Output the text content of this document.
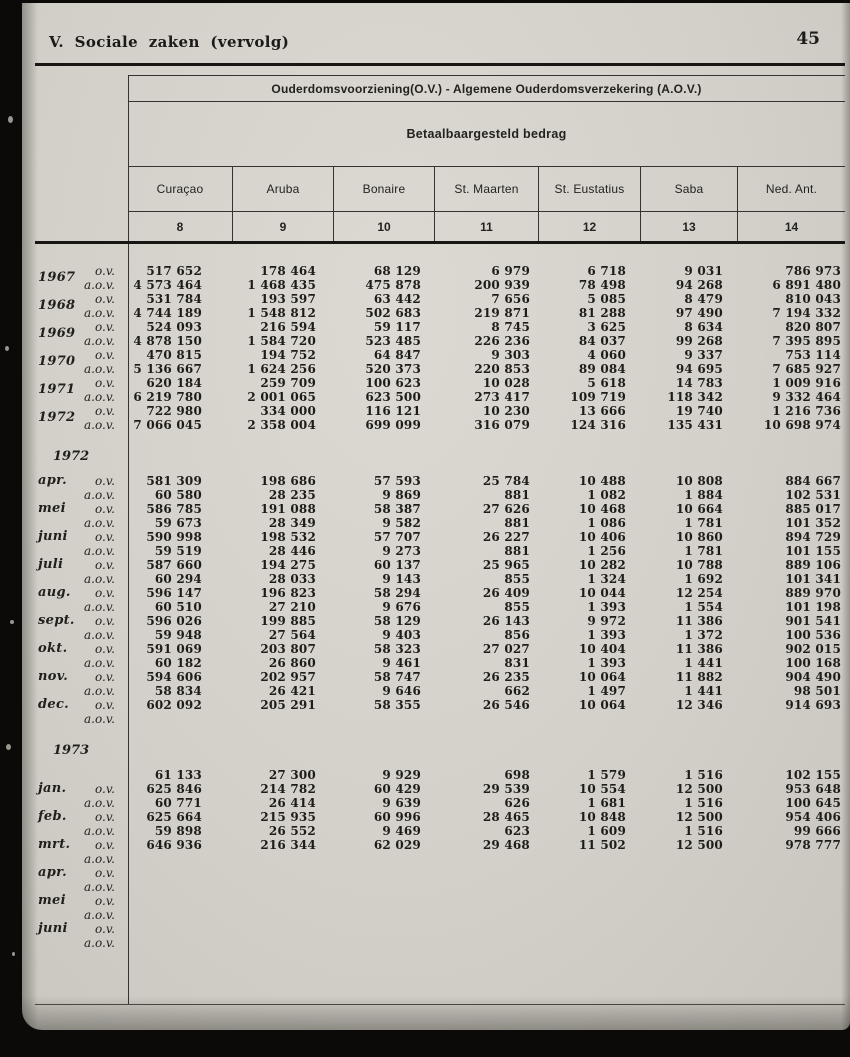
V. Sociale zaken (vervolg)	45
Ouderdomsvoorziening(O.V.) - Algemene Ouderdomsverzekering (A.O.V.)
Betaalbaargesteld bedrag
Curaçao	Aruba	Bonaire	St. Maarten	St. Eustatius	Saba	Ned. Ant.
8	9	10	11	12	13	14
1967	o.v.	517 652	178 464	68 129	6 979	6 718	9 031	786 973
a.o.v.	4 573 464	1 468 435	475 878	200 939	78 498	94 268	6 891 480
1968	o.v.	531 784	193 597	63 442	7 656	5 085	8 479	810 043
a.o.v.	4 744 189	1 548 812	502 683	219 871	81 288	97 490	7 194 332
1969	o.v.	524 093	216 594	59 117	8 745	3 625	8 634	820 807
a.o.v.	4 878 150	1 584 720	523 485	226 236	84 037	99 268	7 395 895
1970	o.v.	470 815	194 752	64 847	9 303	4 060	9 337	753 114
a.o.v.	5 136 667	1 624 256	520 373	220 853	89 084	94 695	7 685 927
1971	o.v.	620 184	259 709	100 623	10 028	5 618	14 783	1 009 916
a.o.v.	6 219 780	2 001 065	623 500	273 417	109 719	118 342	9 332 464
1972	o.v.	722 980	334 000	116 121	10 230	13 666	19 740	1 216 736
a.o.v.	7 066 045	2 358 004	699 099	316 079	124 316	135 431	10 698 974
1972
apr.	o.v.	581 309	198 686	57 593	25 784	10 488	10 808	884 667
a.o.v.	60 580	28 235	9 869	881	1 082	1 884	102 531
mei	o.v.	586 785	191 088	58 387	27 626	10 468	10 664	885 017
a.o.v.	59 673	28 349	9 582	881	1 086	1 781	101 352
juni	o.v.	590 998	198 532	57 707	26 227	10 406	10 860	894 729
a.o.v.	59 519	28 446	9 273	881	1 256	1 781	101 155
juli	o.v.	587 660	194 275	60 137	25 965	10 282	10 788	889 106
a.o.v.	60 294	28 033	9 143	855	1 324	1 692	101 341
aug.	o.v.	596 147	196 823	58 294	26 409	10 044	12 254	889 970
a.o.v.	60 510	27 210	9 676	855	1 393	1 554	101 198
sept.	o.v.	596 026	199 885	58 129	26 143	9 972	11 386	901 541
a.o.v.	59 948	27 564	9 403	856	1 393	1 372	100 536
okt.	o.v.	591 069	203 807	58 323	27 027	10 404	11 386	902 015
a.o.v.	60 182	26 860	9 461	831	1 393	1 441	100 168
nov.	o.v.	594 606	202 957	58 747	26 235	10 064	11 882	904 490
a.o.v.	58 834	26 421	9 646	662	1 497	1 441	98 501
dec.	o.v.	602 092	205 291	58 355	26 546	10 064	12 346	914 693
a.o.v.
1973
61 133	27 300	9 929	698	1 579	1 516	102 155
jan.	o.v.	625 846	214 782	60 429	29 539	10 554	12 500	953 648
a.o.v.	60 771	26 414	9 639	626	1 681	1 516	100 645
feb.	o.v.	625 664	215 935	60 996	28 465	10 848	12 500	954 406
a.o.v.	59 898	26 552	9 469	623	1 609	1 516	99 666
mrt.	o.v.	646 936	216 344	62 029	29 468	11 502	12 500	978 777
a.o.v.
apr.	o.v.
a.o.v.
mei	o.v.
a.o.v.
juni	o.v.
a.o.v.
